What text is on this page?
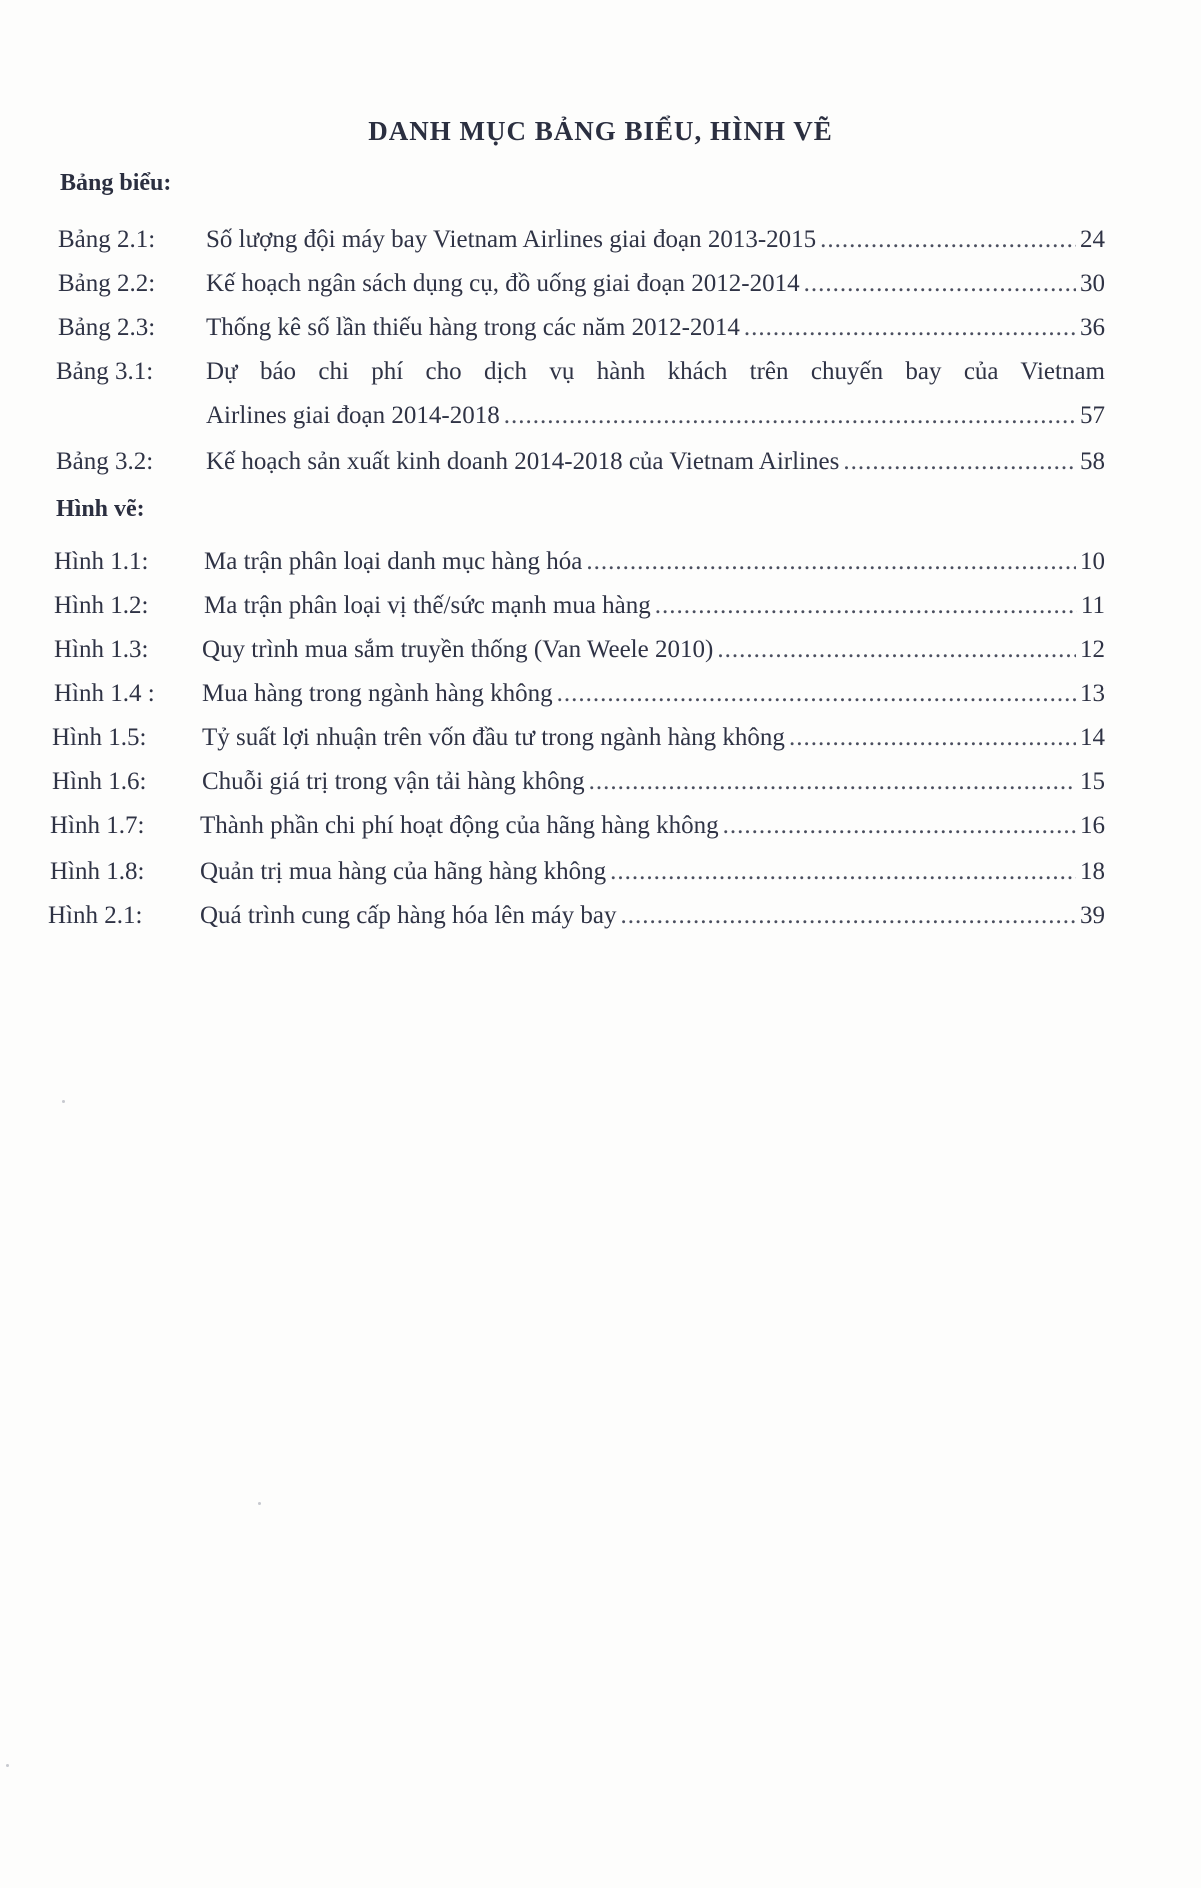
DANH MỤC BẢNG BIỂU, HÌNH VẼ
Bảng biểu:
Bảng 2.1: Số lượng đội máy bay Vietnam Airlines giai đoạn 2013-2015 .....	24
Bảng 2.2: Kế hoạch ngân sách dụng cụ, đồ uống giai đoạn 2012-2014 .....	30
Bảng 2.3: Thống kê số lần thiếu hàng trong các năm 2012-2014 .....	36
Bảng 3.1: Dự báo chi phí cho dịch vụ hành khách trên chuyến bay của Vietnam
Airlines giai đoạn 2014-2018 .....	57
Bảng 3.2: Kế hoạch sản xuất kinh doanh 2014-2018 của Vietnam Airlines .....	58
Hình vẽ:
Hình 1.1: Ma trận phân loại danh mục hàng hóa .....	10
Hình 1.2: Ma trận phân loại vị thế/sức mạnh mua hàng .....	11
Hình 1.3: Quy trình mua sắm truyền thống (Van Weele 2010) .....	12
Hình 1.4 : Mua hàng trong ngành hàng không .....	13
Hình 1.5: Tỷ suất lợi nhuận trên vốn đầu tư trong ngành hàng không .....	14
Hình 1.6: Chuỗi giá trị trong vận tải hàng không .....	15
Hình 1.7: Thành phần chi phí hoạt động của hãng hàng không .....	16
Hình 1.8: Quản trị mua hàng của hãng hàng không .....	18
Hình 2.1: Quá trình cung cấp hàng hóa lên máy bay .....	39
